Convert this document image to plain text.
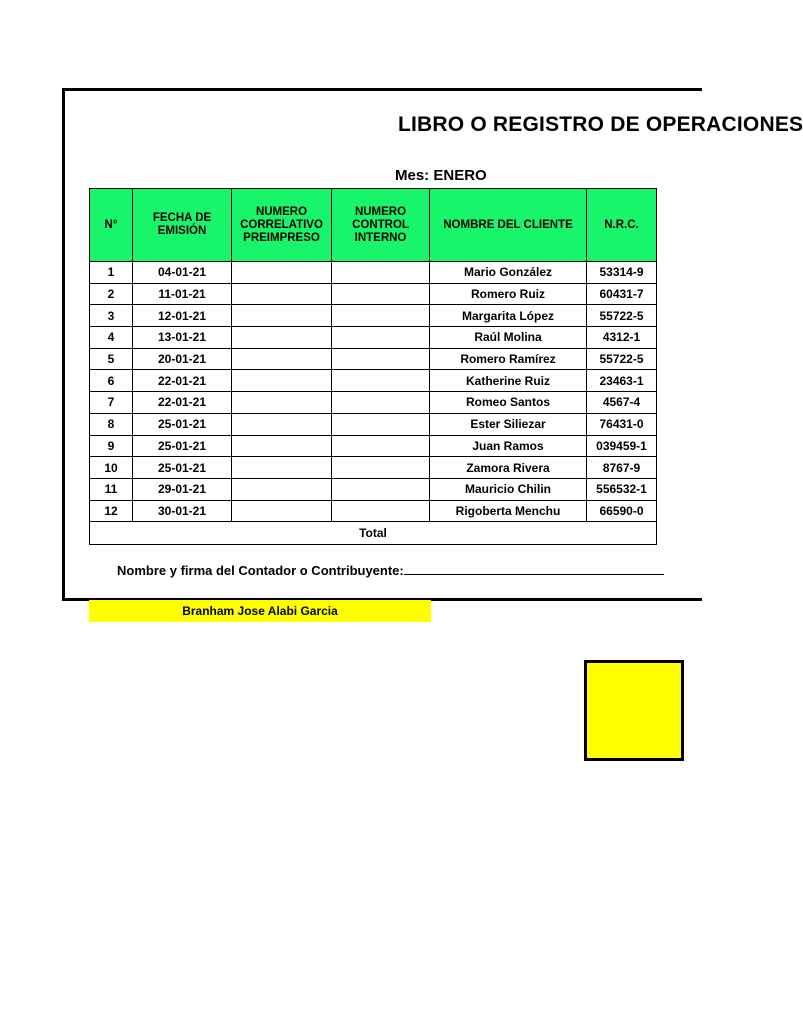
LIBRO O REGISTRO DE OPERACIONES
Mes: ENERO
N°	FECHA DE EMISIÓN	NUMERO CORRELATIVO PREIMPRESO	NUMERO CONTROL INTERNO	NOMBRE DEL CLIENTE	N.R.C.
1	04-01-21			Mario González	53314-9
2	11-01-21			Romero Ruiz	60431-7
3	12-01-21			Margarita López	55722-5
4	13-01-21			Raúl Molina	4312-1
5	20-01-21			Romero Ramírez	55722-5
6	22-01-21			Katherine Ruiz	23463-1
7	22-01-21			Romeo Santos	4567-4
8	25-01-21			Ester Siliezar	76431-0
9	25-01-21			Juan Ramos	039459-1
10	25-01-21			Zamora Rivera	8767-9
11	29-01-21			Mauricio Chilin	556532-1
12	30-01-21			Rigoberta Menchu	66590-0
Total					
Nombre y firma del Contador o Contribuyente:
Branham Jose Alabi Garcia
